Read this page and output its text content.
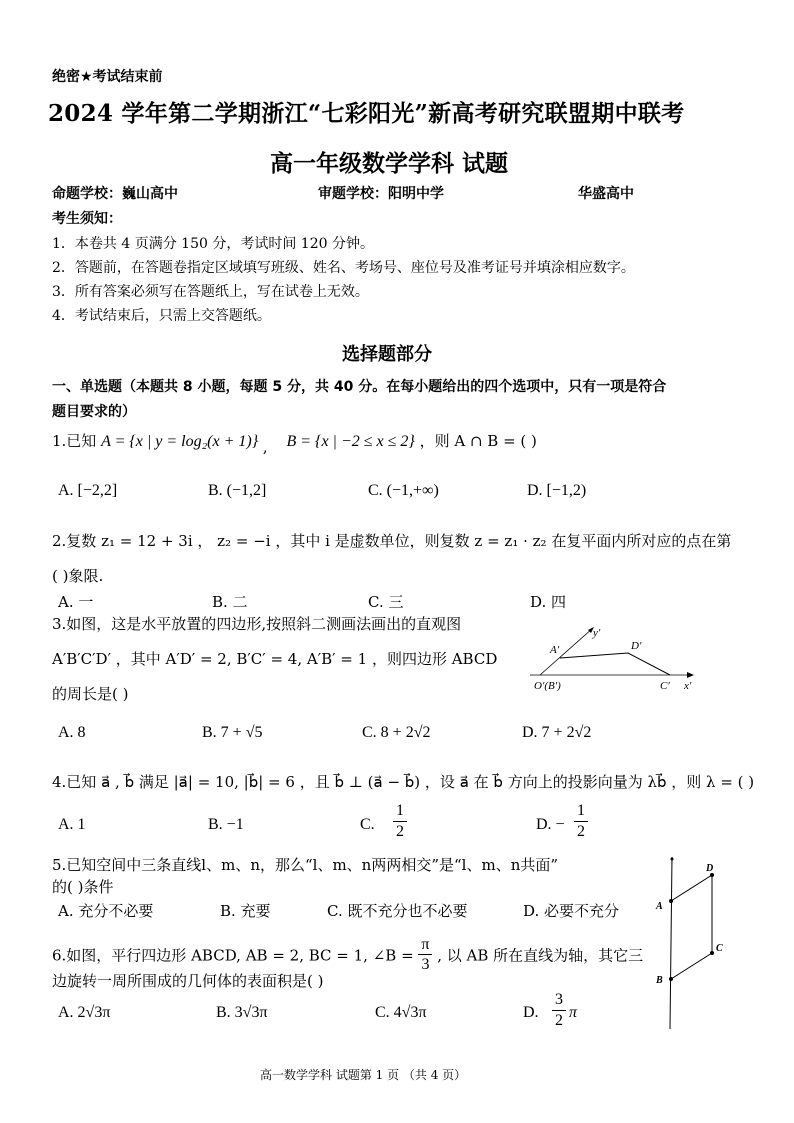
绝密★考试结束前
2024 学年第二学期浙江“七彩阳光”新高考研究联盟期中联考
高一年级数学学科 试题
命题学校：巍山高中	审题学校：阳明中学	华盛高中
考生须知：
1．本卷共 4 页满分 150 分，考试时间 120 分钟。
2．答题前，在答题卷指定区域填写班级、姓名、考场号、座位号及准考证号并填涂相应数字。
3．所有答案必须写在答题纸上，写在试卷上无效。
4．考试结束后，只需上交答题纸。
选择题部分
一、单选题（本题共 8 小题，每题 5 分，共 40 分。在每小题给出的四个选项中，只有一项是符合
题目要求的）
1.已知 A = {x | y = log₂(x + 1)} , B = {x | −2 ≤ x ≤ 2} ，则 A ∩ B = ( )
A. [−2,2]	B. (−1,2]	C. (−1,+∞)	D. [−1,2)
2.复数 z₁ = 12 + 3i ， z₂ = −i ，其中 i 是虚数单位，则复数 z = z₁ · z₂ 在复平面内所对应的点在第
( )象限.
A. 一	B. 二	C. 三	D. 四
3.如图，这是水平放置的四边形,按照斜二测画法画出的直观图
A′B′C′D′ ，其中 A′D′ = 2, B′C′ = 4, A′B′ = 1 ，则四边形 ABCD
的周长是( )
A′
y′
D′
O′(B′)	C′ x′
A. 8	B. 7 + √5	C. 8 + 2√2	D. 7 + 2√2
4.已知 a⃗ , b⃗ 满足 |a⃗| = 10, |b⃗| = 6 ，且 b⃗ ⊥ (a⃗ − b⃗) ，设 a⃗ 在 b⃗ 方向上的投影向量为 λb⃗ ，则 λ = ( )
A. 1	B. −1	C. $\frac{1}{2}$	D. − $\frac{1}{2}$
5.已知空间中三条直线l、m、n，那么“l、m、n两两相交”是“l、m、n共面”
的( )条件
A. 充分不必要	B. 充要	C. 既不充分也不必要	D. 必要不充分
D
A
C
B
6.如图，平行四边形 ABCD, AB = 2, BC = 1, ∠B = $\frac{\pi}{3}$ , 以 AB 所在直线为轴，其它三
边旋转一周所围成的几何体的表面积是( )
A. 2√3π	B. 3√3π	C. 4√3π	D. $\frac{3}{2}$ π
高一数学学科 试题第 1 页 （共 4 页）
